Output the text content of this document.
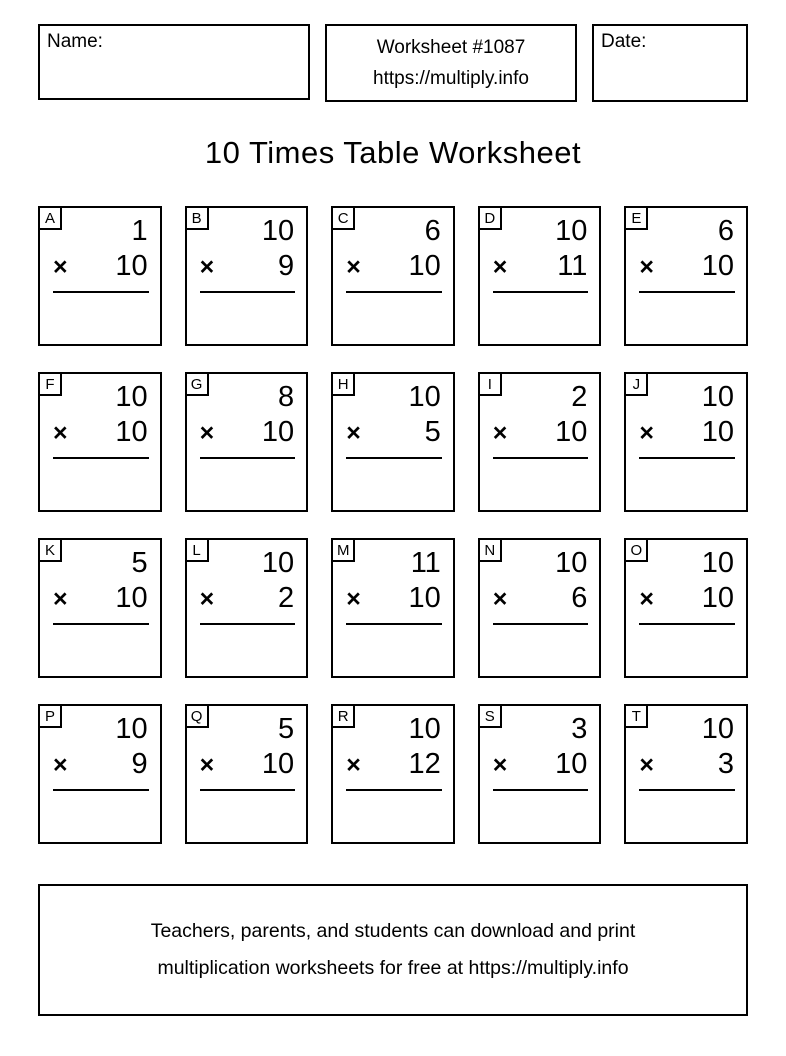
Name:	Worksheet #1087
https://multiply.info
Date:
10 Times Table Worksheet
A	1
× 10
B	10
× 9
C	6
× 10
D	10
× 11
E	6
× 10
F	10
× 10
G	8
× 10
H	10
× 5
I	2
× 10
J	10
× 10
K	5
× 10
L	10
× 2
M	11
× 10
N	10
× 6
O	10
× 10
P	10
× 9
Q	5
× 10
R	10
× 12
S	3
× 10
T	10
× 3
Teachers, parents, and students can download and print
multiplication worksheets for free at https://multiply.info
